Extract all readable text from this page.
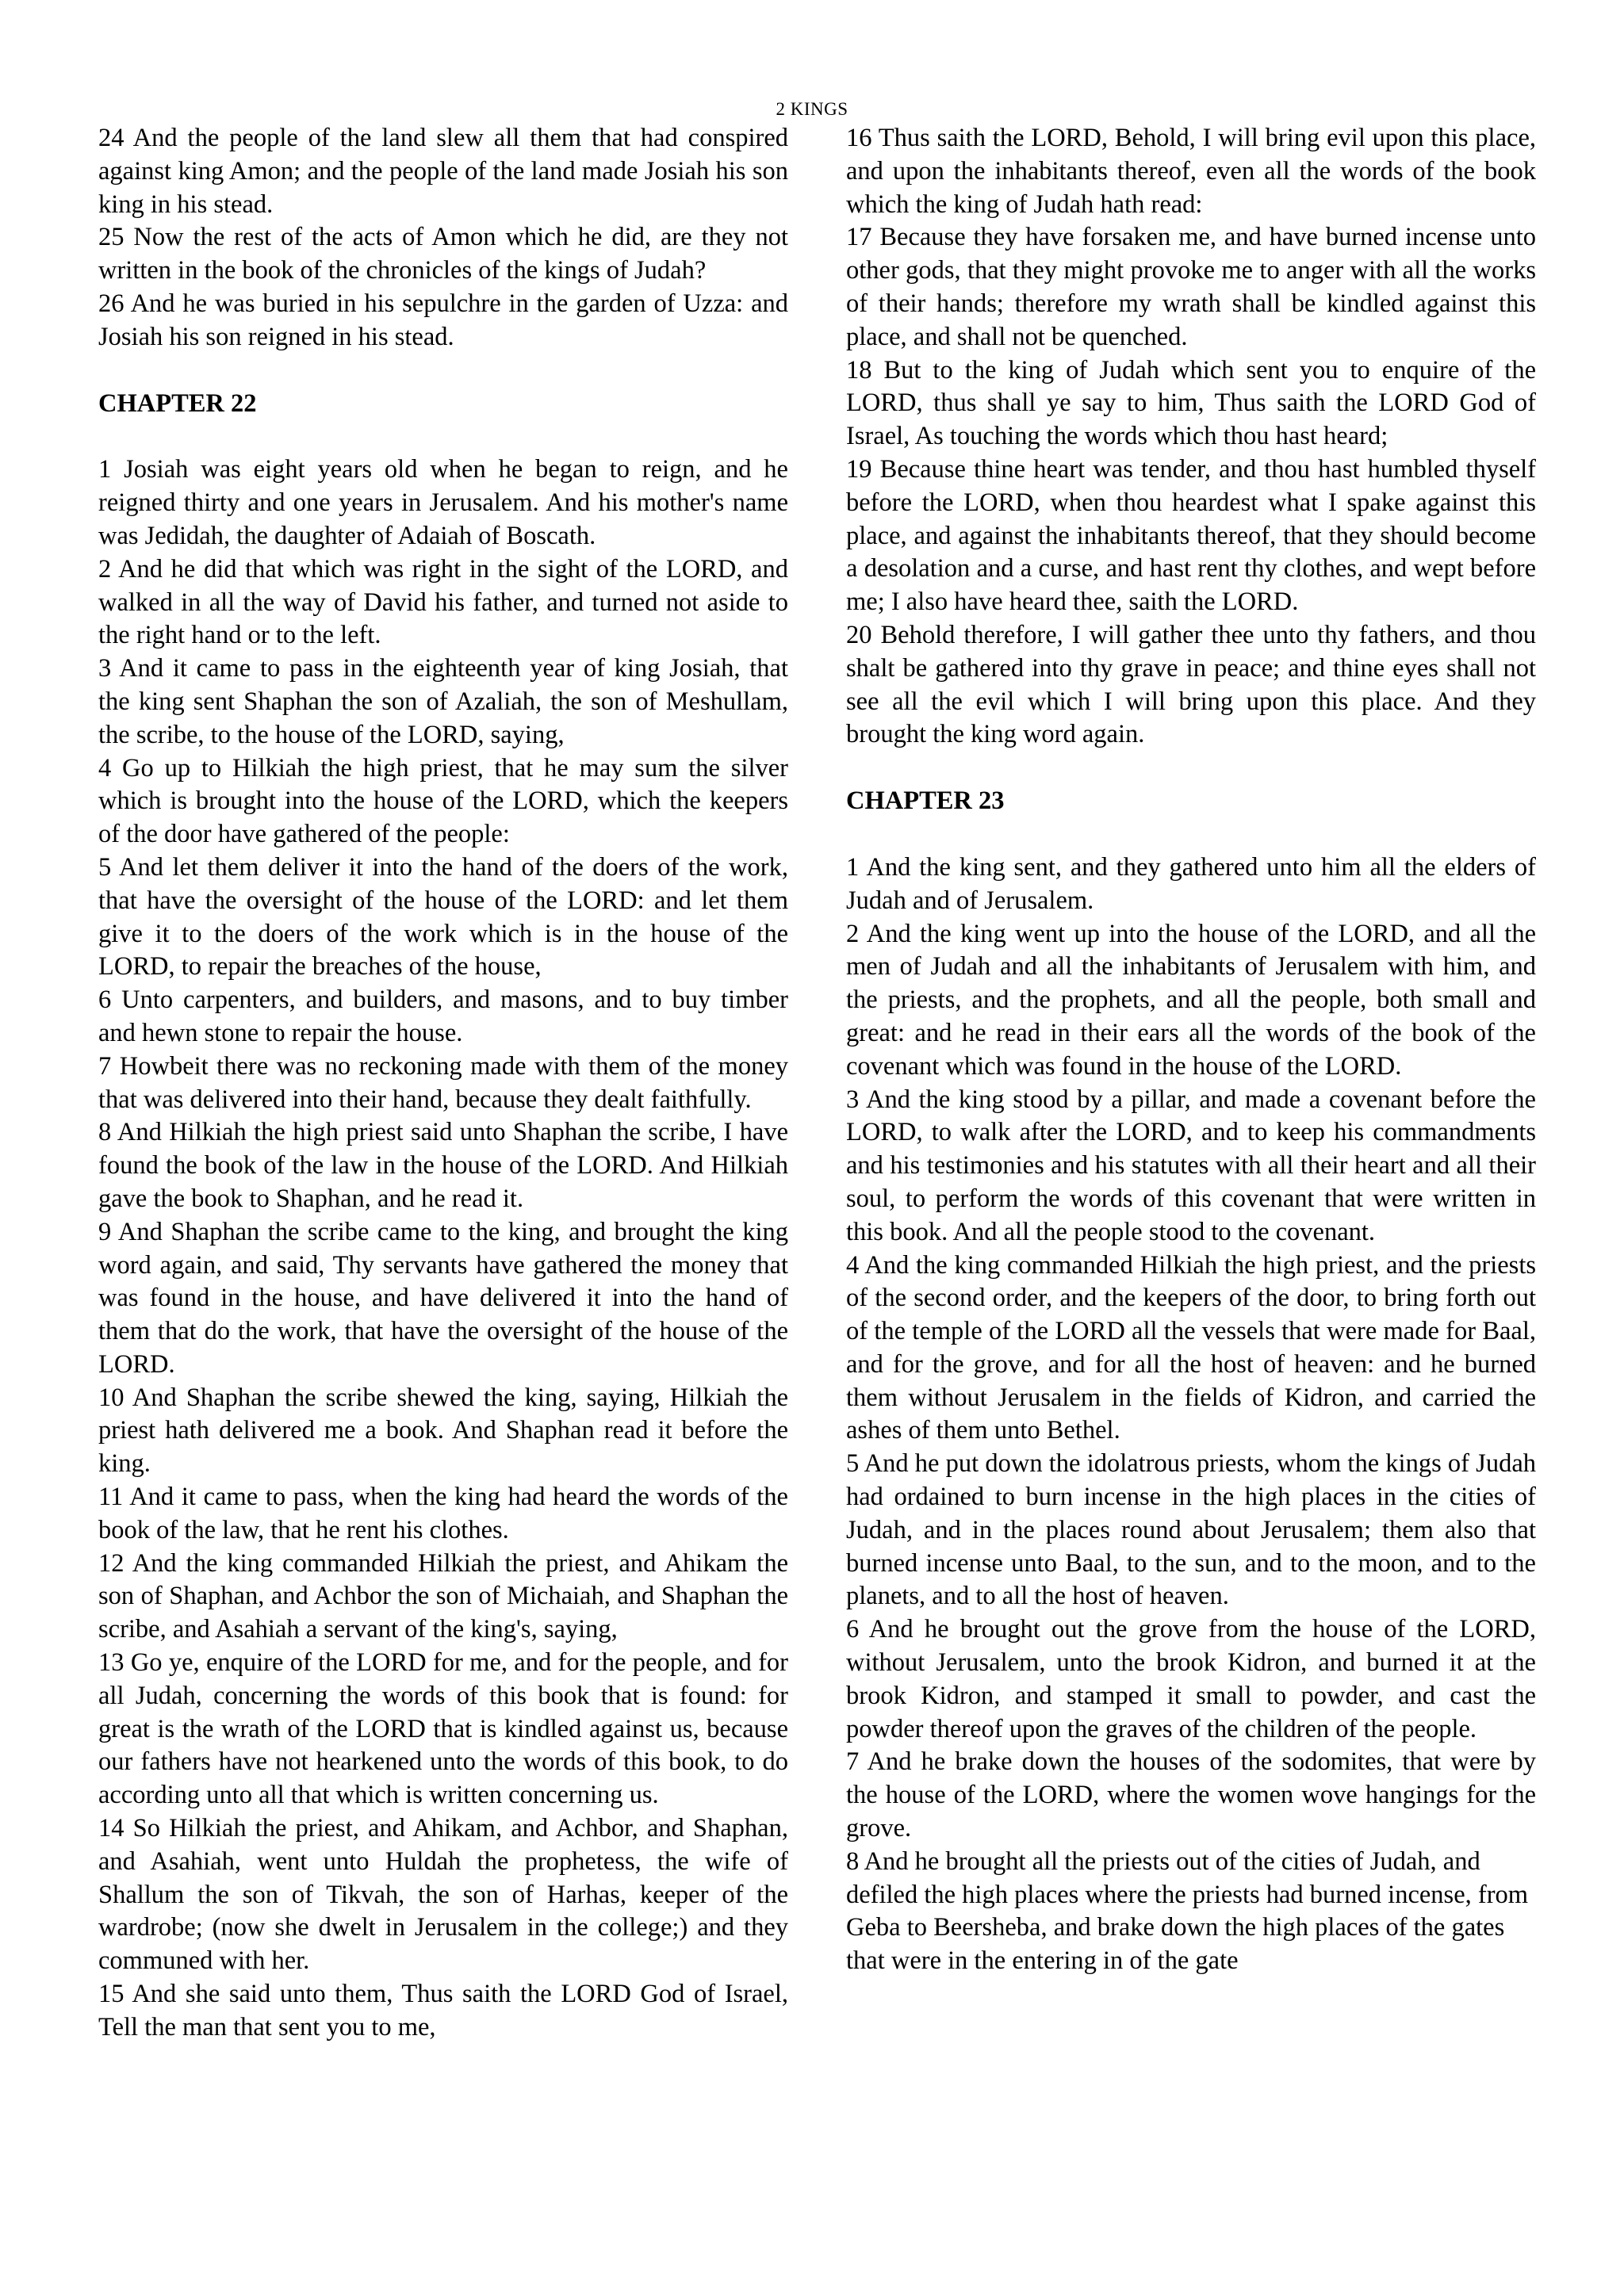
2 KINGS

24 And the people of the land slew all them that had conspired against king Amon; and the people of the land made Josiah his son king in his stead.

25 Now the rest of the acts of Amon which he did, are they not written in the book of the chronicles of the kings of Judah?

26 And he was buried in his sepulchre in the garden of Uzza: and Josiah his son reigned in his stead.

CHAPTER 22

1 Josiah was eight years old when he began to reign, and he reigned thirty and one years in Jerusalem. And his mother's name was Jedidah, the daughter of Adaiah of Boscath.

2 And he did that which was right in the sight of the LORD, and walked in all the way of David his father, and turned not aside to the right hand or to the left.

3 And it came to pass in the eighteenth year of king Josiah, that the king sent Shaphan the son of Azaliah, the son of Meshullam, the scribe, to the house of the LORD, saying,

4 Go up to Hilkiah the high priest, that he may sum the silver which is brought into the house of the LORD, which the keepers of the door have gathered of the people:

5 And let them deliver it into the hand of the doers of the work, that have the oversight of the house of the LORD: and let them give it to the doers of the work which is in the house of the LORD, to repair the breaches of the house,

6 Unto carpenters, and builders, and masons, and to buy timber and hewn stone to repair the house.

7 Howbeit there was no reckoning made with them of the money that was delivered into their hand, because they dealt faithfully.

8 And Hilkiah the high priest said unto Shaphan the scribe, I have found the book of the law in the house of the LORD. And Hilkiah gave the book to Shaphan, and he read it.

9 And Shaphan the scribe came to the king, and brought the king word again, and said, Thy servants have gathered the money that was found in the house, and have delivered it into the hand of them that do the work, that have the oversight of the house of the LORD.

10 And Shaphan the scribe shewed the king, saying, Hilkiah the priest hath delivered me a book. And Shaphan read it before the king.

11 And it came to pass, when the king had heard the words of the book of the law, that he rent his clothes.

12 And the king commanded Hilkiah the priest, and Ahikam the son of Shaphan, and Achbor the son of Michaiah, and Shaphan the scribe, and Asahiah a servant of the king's, saying,

13 Go ye, enquire of the LORD for me, and for the people, and for all Judah, concerning the words of this book that is found: for great is the wrath of the LORD that is kindled against us, because our fathers have not hearkened unto the words of this book, to do according unto all that which is written concerning us.

14 So Hilkiah the priest, and Ahikam, and Achbor, and Shaphan, and Asahiah, went unto Huldah the prophetess, the wife of Shallum the son of Tikvah, the son of Harhas, keeper of the wardrobe; (now she dwelt in Jerusalem in the college;) and they communed with her.

15 And she said unto them, Thus saith the LORD God of Israel, Tell the man that sent you to me,

16 Thus saith the LORD, Behold, I will bring evil upon this place, and upon the inhabitants thereof, even all the words of the book which the king of Judah hath read:

17 Because they have forsaken me, and have burned incense unto other gods, that they might provoke me to anger with all the works of their hands; therefore my wrath shall be kindled against this place, and shall not be quenched.

18 But to the king of Judah which sent you to enquire of the LORD, thus shall ye say to him, Thus saith the LORD God of Israel, As touching the words which thou hast heard;

19 Because thine heart was tender, and thou hast humbled thyself before the LORD, when thou heardest what I spake against this place, and against the inhabitants thereof, that they should become a desolation and a curse, and hast rent thy clothes, and wept before me; I also have heard thee, saith the LORD.

20 Behold therefore, I will gather thee unto thy fathers, and thou shalt be gathered into thy grave in peace; and thine eyes shall not see all the evil which I will bring upon this place. And they brought the king word again.

CHAPTER 23

1 And the king sent, and they gathered unto him all the elders of Judah and of Jerusalem.

2 And the king went up into the house of the LORD, and all the men of Judah and all the inhabitants of Jerusalem with him, and the priests, and the prophets, and all the people, both small and great: and he read in their ears all the words of the book of the covenant which was found in the house of the LORD.

3 And the king stood by a pillar, and made a covenant before the LORD, to walk after the LORD, and to keep his commandments and his testimonies and his statutes with all their heart and all their soul, to perform the words of this covenant that were written in this book. And all the people stood to the covenant.

4 And the king commanded Hilkiah the high priest, and the priests of the second order, and the keepers of the door, to bring forth out of the temple of the LORD all the vessels that were made for Baal, and for the grove, and for all the host of heaven: and he burned them without Jerusalem in the fields of Kidron, and carried the ashes of them unto Bethel.

5 And he put down the idolatrous priests, whom the kings of Judah had ordained to burn incense in the high places in the cities of Judah, and in the places round about Jerusalem; them also that burned incense unto Baal, to the sun, and to the moon, and to the planets, and to all the host of heaven.

6 And he brought out the grove from the house of the LORD, without Jerusalem, unto the brook Kidron, and burned it at the brook Kidron, and stamped it small to powder, and cast the powder thereof upon the graves of the children of the people.

7 And he brake down the houses of the sodomites, that were by the house of the LORD, where the women wove hangings for the grove.

8 And he brought all the priests out of the cities of Judah, and defiled the high places where the priests had burned incense, from Geba to Beersheba, and brake down the high places of the gates that were in the entering in of the gate
